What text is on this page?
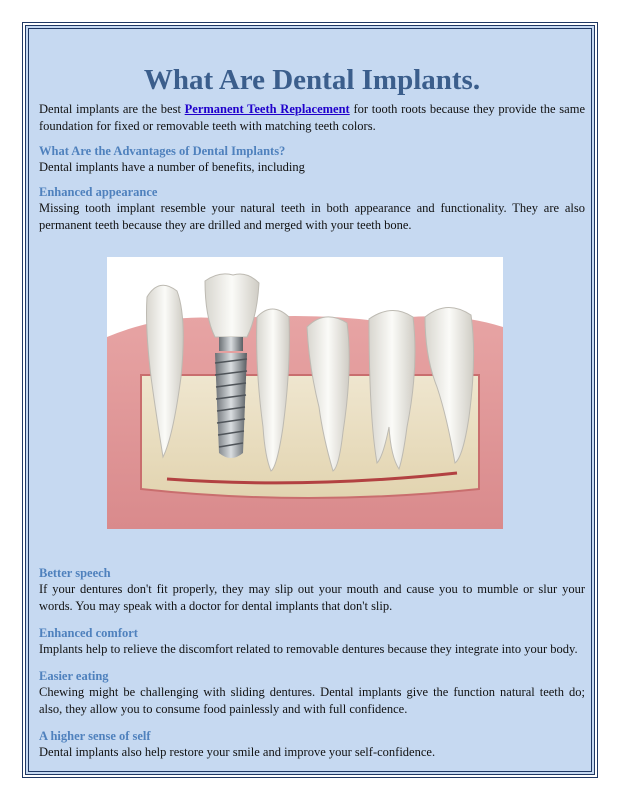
What Are Dental Implants.

Dental implants are the best Permanent Teeth Replacement for tooth roots because they provide the same foundation for fixed or removable teeth with matching teeth colors.

What Are the Advantages of Dental Implants?

Dental implants have a number of benefits, including

Enhanced appearance

Missing tooth implant resemble your natural teeth in both appearance and functionality. They are also permanent teeth because they are drilled and merged with your teeth bone.

Better speech

If your dentures don't fit properly, they may slip out your mouth and cause you to mumble or slur your words. You may speak with a doctor for dental implants that don't slip.

Enhanced comfort

Implants help to relieve the discomfort related to removable dentures because they integrate into your body.

Easier eating

Chewing might be challenging with sliding dentures. Dental implants give the function natural teeth do; also, they allow you to consume food painlessly and with full confidence.

A higher sense of self

Dental implants also help restore your smile and improve your self-confidence.
